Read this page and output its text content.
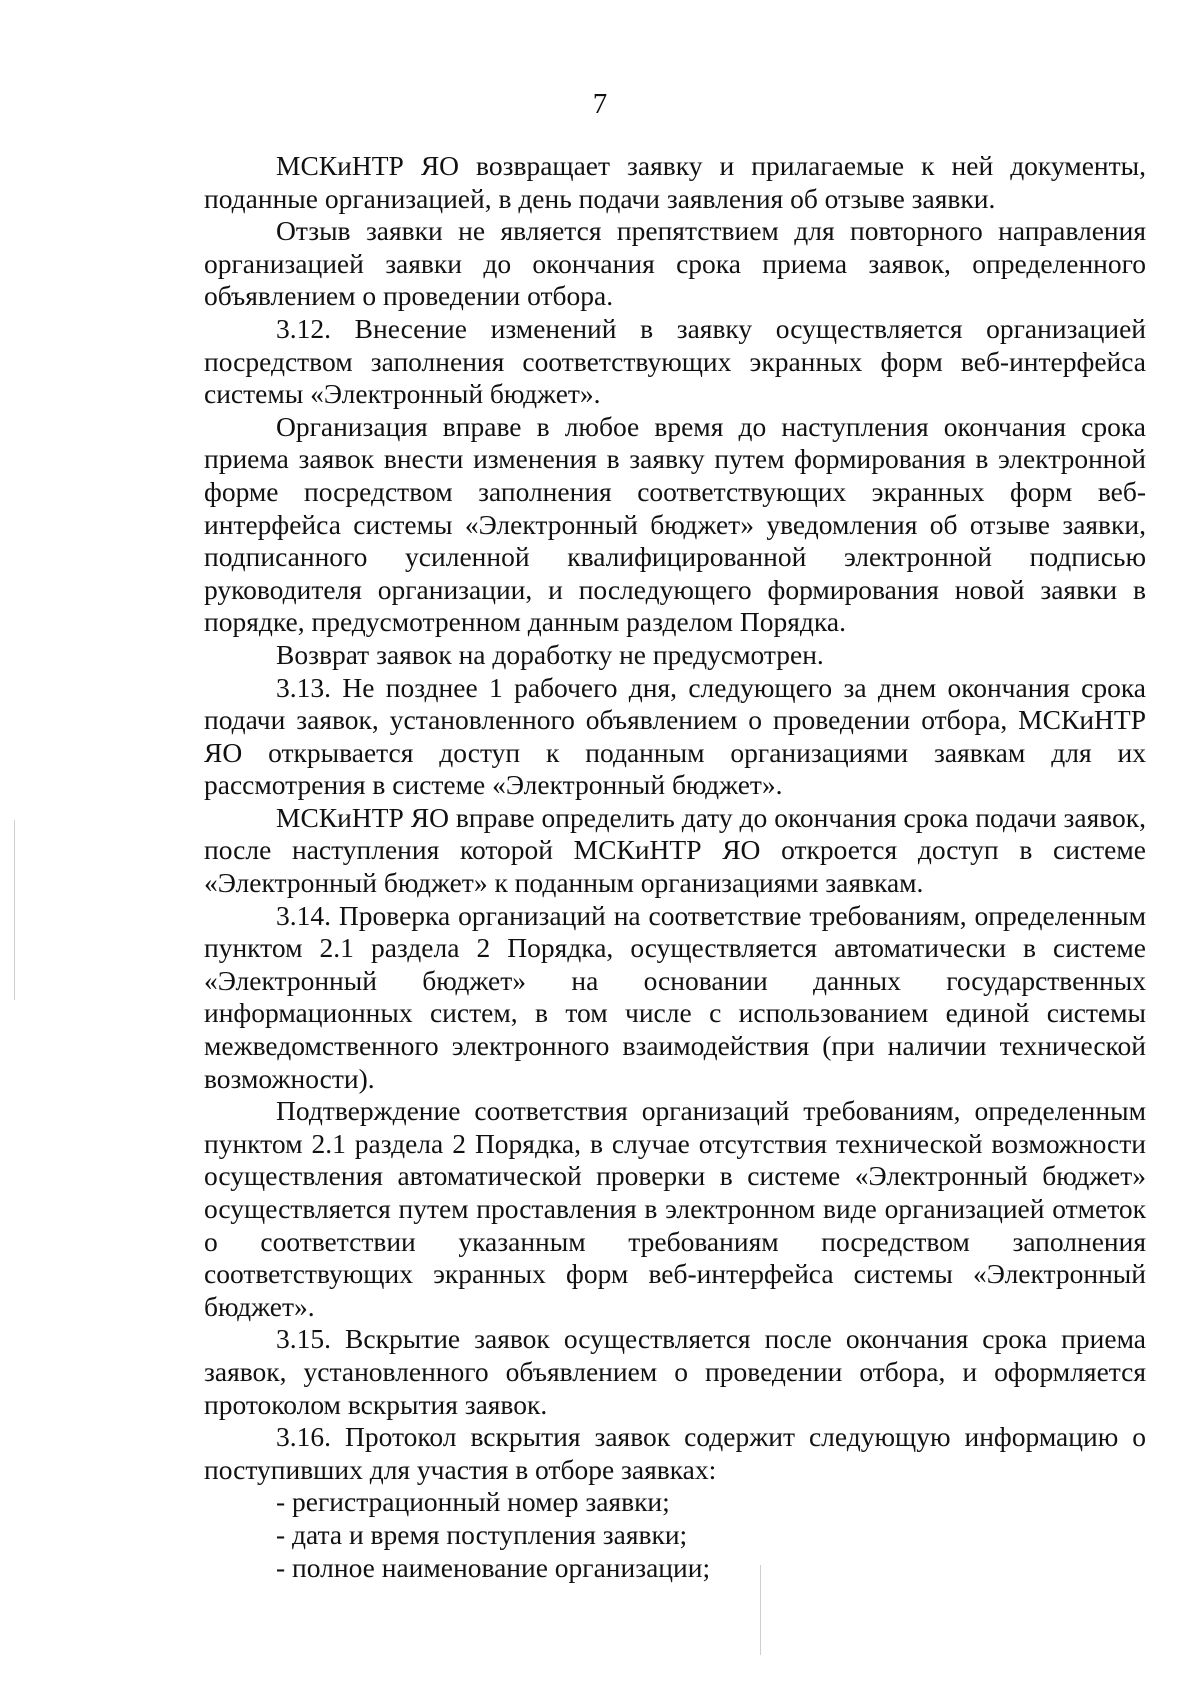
7

МСКиНТР ЯО возвращает заявку и прилагаемые к ней документы, поданные организацией, в день подачи заявления об отзыве заявки.

Отзыв заявки не является препятствием для повторного направления организацией заявки до окончания срока приема заявок, определенного объявлением о проведении отбора.

3.12. Внесение изменений в заявку осуществляется организацией посредством заполнения соответствующих экранных форм веб-интерфейса системы «Электронный бюджет».

Организация вправе в любое время до наступления окончания срока приема заявок внести изменения в заявку путем формирования в электронной форме посредством заполнения соответствующих экранных форм веб-интерфейса системы «Электронный бюджет» уведомления об отзыве заявки, подписанного усиленной квалифицированной электронной подписью руководителя организации, и последующего формирования новой заявки в порядке, предусмотренном данным разделом Порядка.

Возврат заявок на доработку не предусмотрен.

3.13. Не позднее 1 рабочего дня, следующего за днем окончания срока подачи заявок, установленного объявлением о проведении отбора, МСКиНТР ЯО открывается доступ к поданным организациями заявкам для их рассмотрения в системе «Электронный бюджет».

МСКиНТР ЯО вправе определить дату до окончания срока подачи заявок, после наступления которой МСКиНТР ЯО откроется доступ в системе «Электронный бюджет» к поданным организациями заявкам.

3.14. Проверка организаций на соответствие требованиям, определенным пунктом 2.1 раздела 2 Порядка, осуществляется автоматически в системе «Электронный бюджет» на основании данных государственных информационных систем, в том числе с использованием единой системы межведомственного электронного взаимодействия (при наличии технической возможности).

Подтверждение соответствия организаций требованиям, определенным пунктом 2.1 раздела 2 Порядка, в случае отсутствия технической возможности осуществления автоматической проверки в системе «Электронный бюджет» осуществляется путем проставления в электронном виде организацией отметок о соответствии указанным требованиям посредством заполнения соответствующих экранных форм веб-интерфейса системы «Электронный бюджет».

3.15. Вскрытие заявок осуществляется после окончания срока приема заявок, установленного объявлением о проведении отбора, и оформляется протоколом вскрытия заявок.

3.16. Протокол вскрытия заявок содержит следующую информацию о поступивших для участия в отборе заявках:

- регистрационный номер заявки;

- дата и время поступления заявки;

- полное наименование организации;
